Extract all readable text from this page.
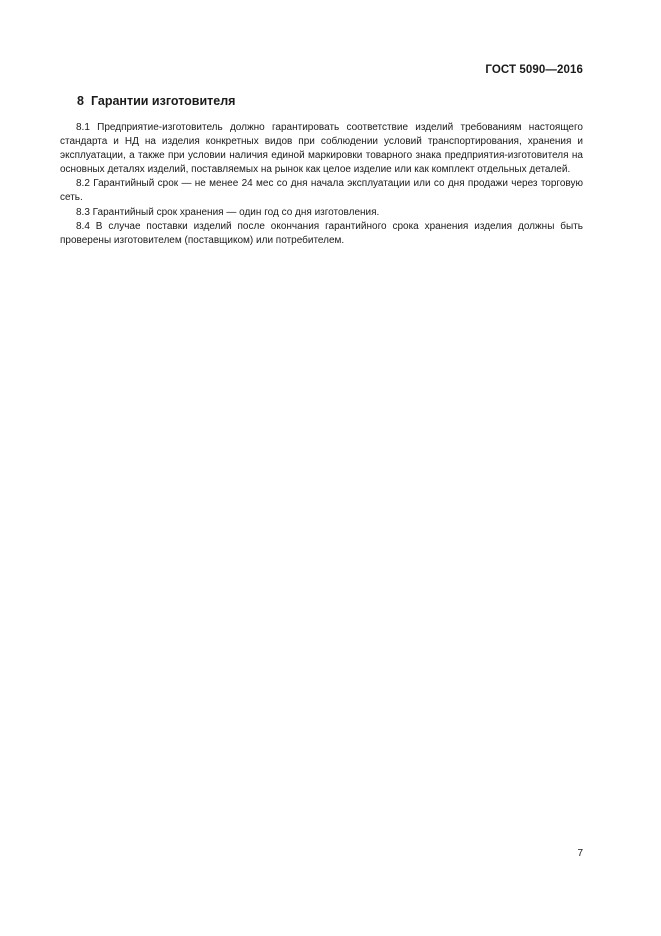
ГОСТ 5090—2016
8 Гарантии изготовителя

8.1 Предприятие-изготовитель должно гарантировать соответствие изделий требованиям настоящего стандарта и НД на изделия конкретных видов при соблюдении условий транспортирования, хранения и эксплуатации, а также при условии наличия единой маркировки товарного знака предприятия-изготовителя на основных деталях изделий, поставляемых на рынок как целое изделие или как комплект отдельных деталей.

8.2 Гарантийный срок — не менее 24 мес со дня начала эксплуатации или со дня продажи через торговую сеть.

8.3 Гарантийный срок хранения — один год со дня изготовления.

8.4 В случае поставки изделий после окончания гарантийного срока хранения изделия должны быть проверены изготовителем (поставщиком) или потребителем.

7
